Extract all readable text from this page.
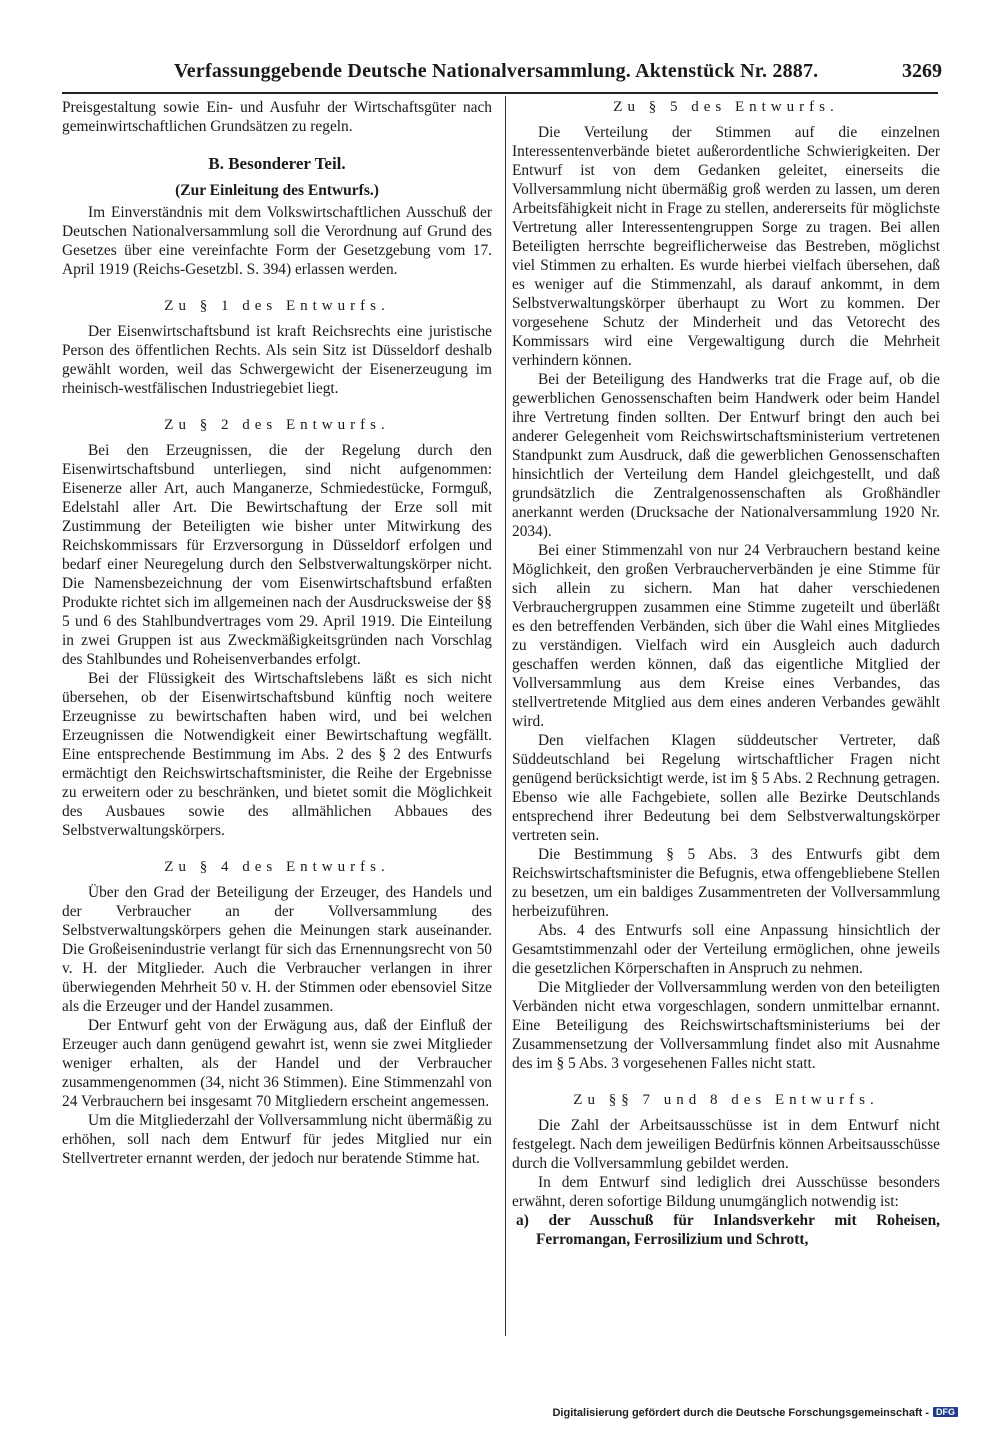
Verfassunggebende Deutsche Nationalversammlung. Aktenstück Nr. 2887.	3269

Preisgestaltung sowie Ein- und Ausfuhr der Wirtschaftsgüter nach gemeinwirtschaftlichen Grundsätzen zu regeln.

B. Besonderer Teil.
(Zur Einleitung des Entwurfs.)

Im Einverständnis mit dem Volkswirtschaftlichen Ausschuß der Deutschen Nationalversammlung soll die Verordnung auf Grund des Gesetzes über eine vereinfachte Form der Gesetzgebung vom 17. April 1919 (Reichs-Gesetzbl. S. 394) erlassen werden.

Zu § 1 des Entwurfs.

Der Eisenwirtschaftsbund ist kraft Reichsrechts eine juristische Person des öffentlichen Rechts. Als sein Sitz ist Düsseldorf deshalb gewählt worden, weil das Schwergewicht der Eisenerzeugung im rheinisch-westfälischen Industriegebiet liegt.

Zu § 2 des Entwurfs.

Bei den Erzeugnissen, die der Regelung durch den Eisenwirtschaftsbund unterliegen, sind nicht aufgenommen: Eisenerze aller Art, auch Manganerze, Schmiedestücke, Formguß, Edelstahl aller Art. Die Bewirtschaftung der Erze soll mit Zustimmung der Beteiligten wie bisher unter Mitwirkung des Reichskommissars für Erzversorgung in Düsseldorf erfolgen und bedarf einer Neuregelung durch den Selbstverwaltungskörper nicht. Die Namensbezeichnung der vom Eisenwirtschaftsbund erfaßten Produkte richtet sich im allgemeinen nach der Ausdrucksweise der §§ 5 und 6 des Stahlbundvertrages vom 29. April 1919. Die Einteilung in zwei Gruppen ist aus Zweckmäßigkeitsgründen nach Vorschlag des Stahlbundes und Roheisenverbandes erfolgt.

Bei der Flüssigkeit des Wirtschaftslebens läßt es sich nicht übersehen, ob der Eisenwirtschaftsbund künftig noch weitere Erzeugnisse zu bewirtschaften haben wird, und bei welchen Erzeugnissen die Notwendigkeit einer Bewirtschaftung wegfällt. Eine entsprechende Bestimmung im Abs. 2 des § 2 des Entwurfs ermächtigt den Reichswirtschaftsminister, die Reihe der Ergebnisse zu erweitern oder zu beschränken, und bietet somit die Möglichkeit des Ausbaues sowie des allmählichen Abbaues des Selbstverwaltungskörpers.

Zu § 4 des Entwurfs.

Über den Grad der Beteiligung der Erzeuger, des Handels und der Verbraucher an der Vollversammlung des Selbstverwaltungskörpers gehen die Meinungen stark auseinander. Die Großeisenindustrie verlangt für sich das Ernennungsrecht von 50 v. H. der Mitglieder. Auch die Verbraucher verlangen in ihrer überwiegenden Mehrheit 50 v. H. der Stimmen oder ebensoviel Sitze als die Erzeuger und der Handel zusammen.

Der Entwurf geht von der Erwägung aus, daß der Einfluß der Erzeuger auch dann genügend gewahrt ist, wenn sie zwei Mitglieder weniger erhalten, als der Handel und der Verbraucher zusammengenommen (34, nicht 36 Stimmen). Eine Stimmenzahl von 24 Verbrauchern bei insgesamt 70 Mitgliedern erscheint angemessen.

Um die Mitgliederzahl der Vollversammlung nicht übermäßig zu erhöhen, soll nach dem Entwurf für jedes Mitglied nur ein Stellvertreter ernannt werden, der jedoch nur beratende Stimme hat.

Zu § 5 des Entwurfs.

Die Verteilung der Stimmen auf die einzelnen Interessentenverbände bietet außerordentliche Schwierigkeiten. Der Entwurf ist von dem Gedanken geleitet, einerseits die Vollversammlung nicht übermäßig groß werden zu lassen, um deren Arbeitsfähigkeit nicht in Frage zu stellen, andererseits für möglichste Vertretung aller Interessentengruppen Sorge zu tragen. Bei allen Beteiligten herrschte begreiflicherweise das Bestreben, möglichst viel Stimmen zu erhalten. Es wurde hierbei vielfach übersehen, daß es weniger auf die Stimmenzahl, als darauf ankommt, in dem Selbstverwaltungskörper überhaupt zu Wort zu kommen. Der vorgesehene Schutz der Minderheit und das Vetorecht des Kommissars wird eine Vergewaltigung durch die Mehrheit verhindern können.

Bei der Beteiligung des Handwerks trat die Frage auf, ob die gewerblichen Genossenschaften beim Handwerk oder beim Handel ihre Vertretung finden sollten. Der Entwurf bringt den auch bei anderer Gelegenheit vom Reichswirtschaftsministerium vertretenen Standpunkt zum Ausdruck, daß die gewerblichen Genossenschaften hinsichtlich der Verteilung dem Handel gleichgestellt, und daß grundsätzlich die Zentralgenossenschaften als Großhändler anerkannt werden (Drucksache der Nationalversammlung 1920 Nr. 2034).

Bei einer Stimmenzahl von nur 24 Verbrauchern bestand keine Möglichkeit, den großen Verbraucherverbänden je eine Stimme für sich allein zu sichern. Man hat daher verschiedenen Verbrauchergruppen zusammen eine Stimme zugeteilt und überläßt es den betreffenden Verbänden, sich über die Wahl eines Mitgliedes zu verständigen. Vielfach wird ein Ausgleich auch dadurch geschaffen werden können, daß das eigentliche Mitglied der Vollversammlung aus dem Kreise eines Verbandes, das stellvertretende Mitglied aus dem eines anderen Verbandes gewählt wird.

Den vielfachen Klagen süddeutscher Vertreter, daß Süddeutschland bei Regelung wirtschaftlicher Fragen nicht genügend berücksichtigt werde, ist im § 5 Abs. 2 Rechnung getragen. Ebenso wie alle Fachgebiete, sollen alle Bezirke Deutschlands entsprechend ihrer Bedeutung bei dem Selbstverwaltungskörper vertreten sein.

Die Bestimmung § 5 Abs. 3 des Entwurfs gibt dem Reichswirtschaftsminister die Befugnis, etwa offengebliebene Stellen zu besetzen, um ein baldiges Zusammentreten der Vollversammlung herbeizuführen.

Abs. 4 des Entwurfs soll eine Anpassung hinsichtlich der Gesamtstimmenzahl oder der Verteilung ermöglichen, ohne jeweils die gesetzlichen Körperschaften in Anspruch zu nehmen.

Die Mitglieder der Vollversammlung werden von den beteiligten Verbänden nicht etwa vorgeschlagen, sondern unmittelbar ernannt. Eine Beteiligung des Reichswirtschaftsministeriums bei der Zusammensetzung der Vollversammlung findet also mit Ausnahme des im § 5 Abs. 3 vorgesehenen Falles nicht statt.

Zu §§ 7 und 8 des Entwurfs.

Die Zahl der Arbeitsausschüsse ist in dem Entwurf nicht festgelegt. Nach dem jeweiligen Bedürfnis können Arbeitsausschüsse durch die Vollversammlung gebildet werden.

In dem Entwurf sind lediglich drei Ausschüsse besonders erwähnt, deren sofortige Bildung unumgänglich notwendig ist:

a) der Ausschuß für Inlandsverkehr mit Roheisen, Ferromangan, Ferrosilizium und Schrott,

Digitalisierung gefördert durch die Deutsche Forschungsgemeinschaft - DFG
